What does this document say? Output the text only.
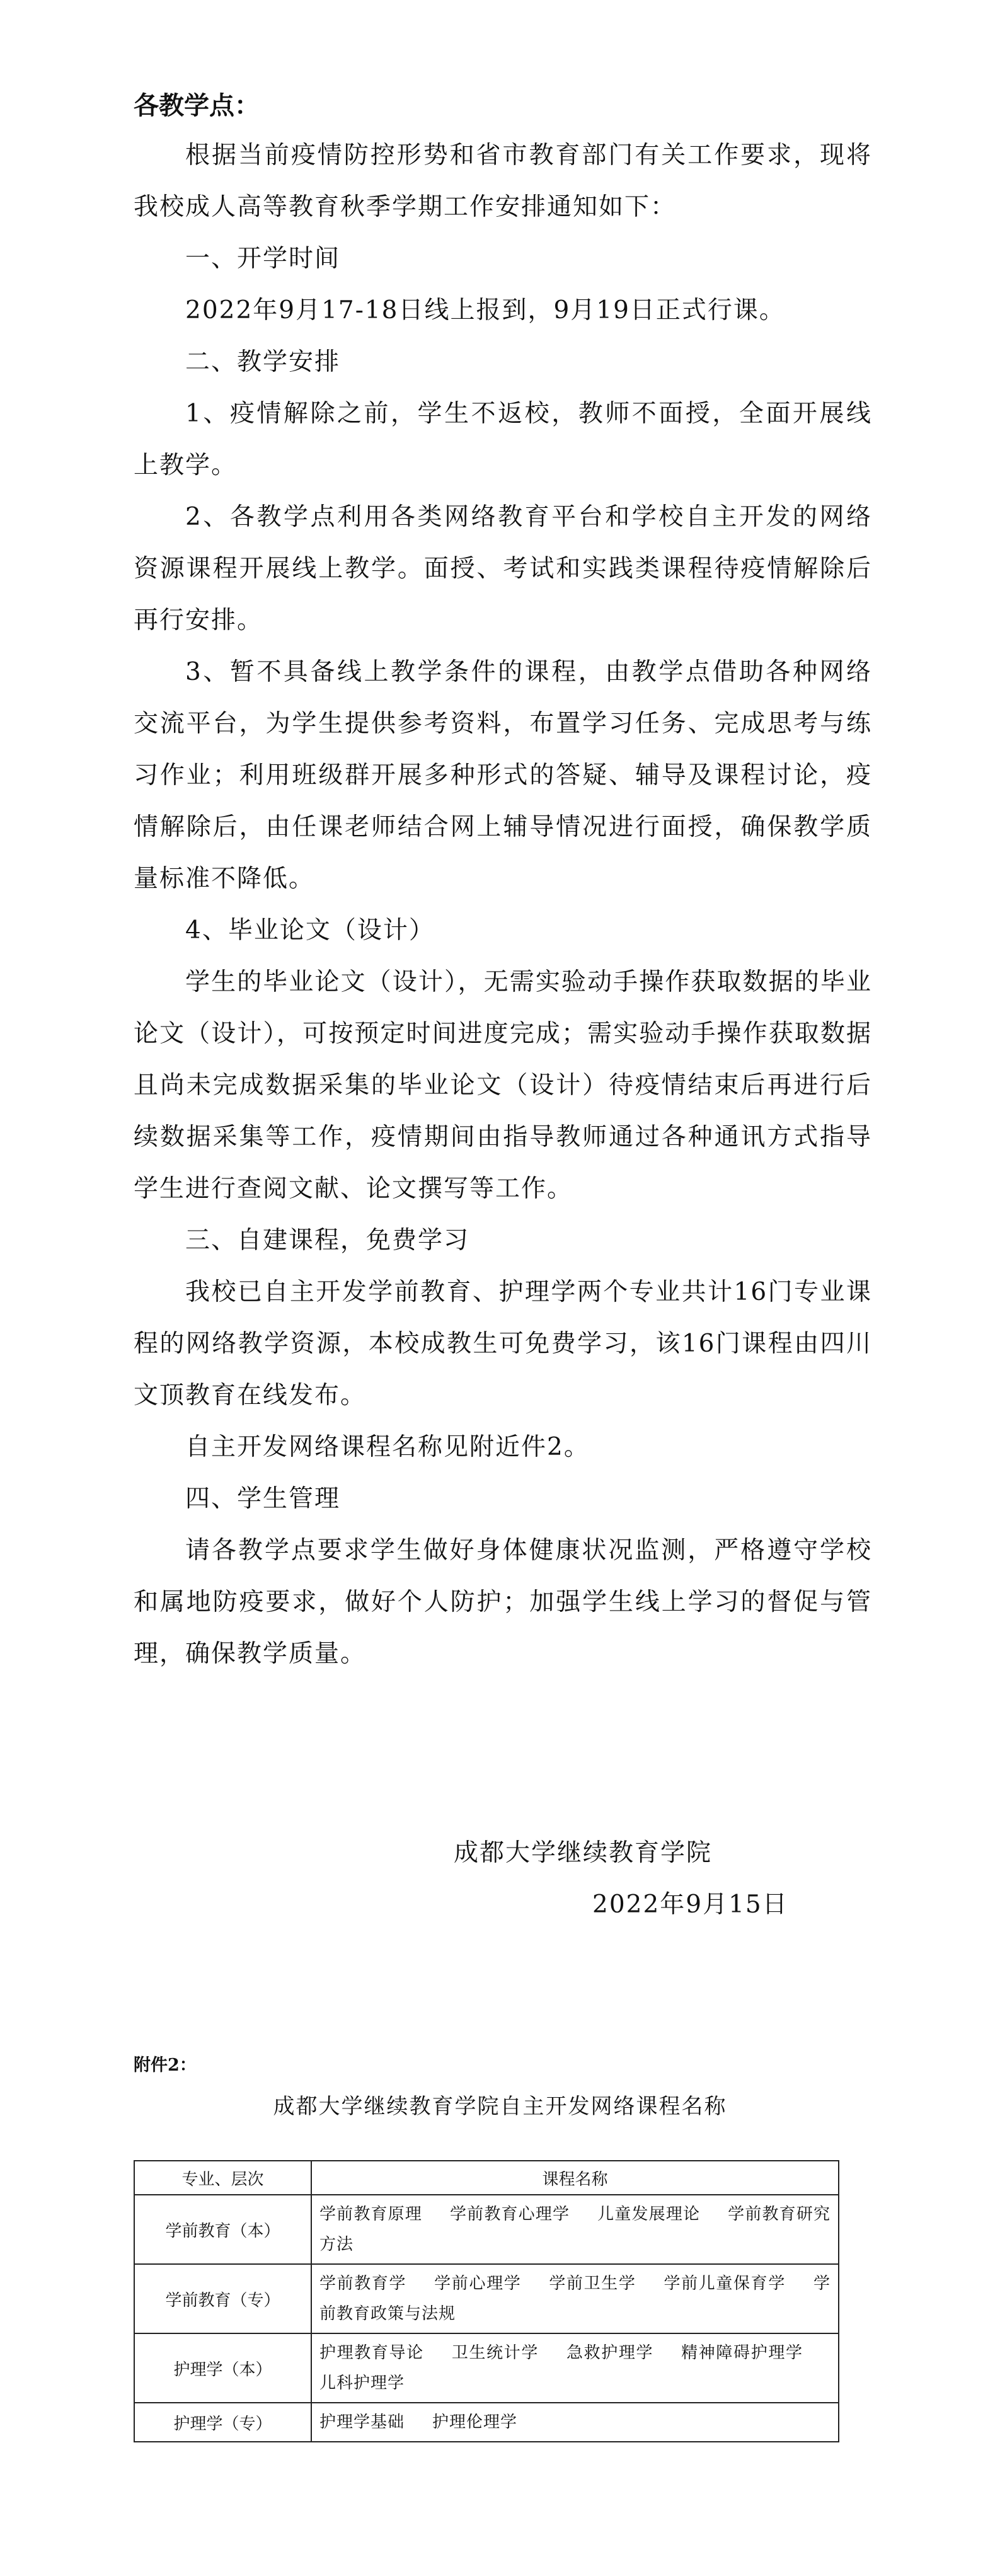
各教学点：

根据当前疫情防控形势和省市教育部门有关工作要求，现将我校成人高等教育秋季学期工作安排通知如下：

一、开学时间

2022年9月17-18日线上报到，9月19日正式行课。

二、教学安排

1、疫情解除之前，学生不返校，教师不面授，全面开展线上教学。

2、各教学点利用各类网络教育平台和学校自主开发的网络资源课程开展线上教学。面授、考试和实践类课程待疫情解除后再行安排。

3、暂不具备线上教学条件的课程，由教学点借助各种网络交流平台，为学生提供参考资料，布置学习任务、完成思考与练习作业；利用班级群开展多种形式的答疑、辅导及课程讨论，疫情解除后，由任课老师结合网上辅导情况进行面授，确保教学质量标准不降低。

4、毕业论文（设计）

学生的毕业论文（设计），无需实验动手操作获取数据的毕业论文（设计），可按预定时间进度完成；需实验动手操作获取数据且尚未完成数据采集的毕业论文（设计）待疫情结束后再进行后续数据采集等工作，疫情期间由指导教师通过各种通讯方式指导学生进行查阅文献、论文撰写等工作。

三、自建课程，免费学习

我校已自主开发学前教育、护理学两个专业共计16门专业课程的网络教学资源，本校成教生可免费学习，该16门课程由四川文顶教育在线发布。

自主开发网络课程名称见附近件2。

四、学生管理

请各教学点要求学生做好身体健康状况监测，严格遵守学校和属地防疫要求，做好个人防护；加强学生线上学习的督促与管理，确保教学质量。

成都大学继续教育学院

2022年9月15日

附件2：

成都大学继续教育学院自主开发网络课程名称

专业、层次	课程名称
学前教育（本）	学前教育原理 学前教育心理学 儿童发展理论 学前教育研究方法
学前教育（专）	学前教育学 学前心理学 学前卫生学 学前儿童保育学 学前教育政策与法规
护理学（本）	护理教育导论 卫生统计学 急救护理学 精神障碍护理学儿科护理学
护理学（专）	护理学基础 护理伦理学
